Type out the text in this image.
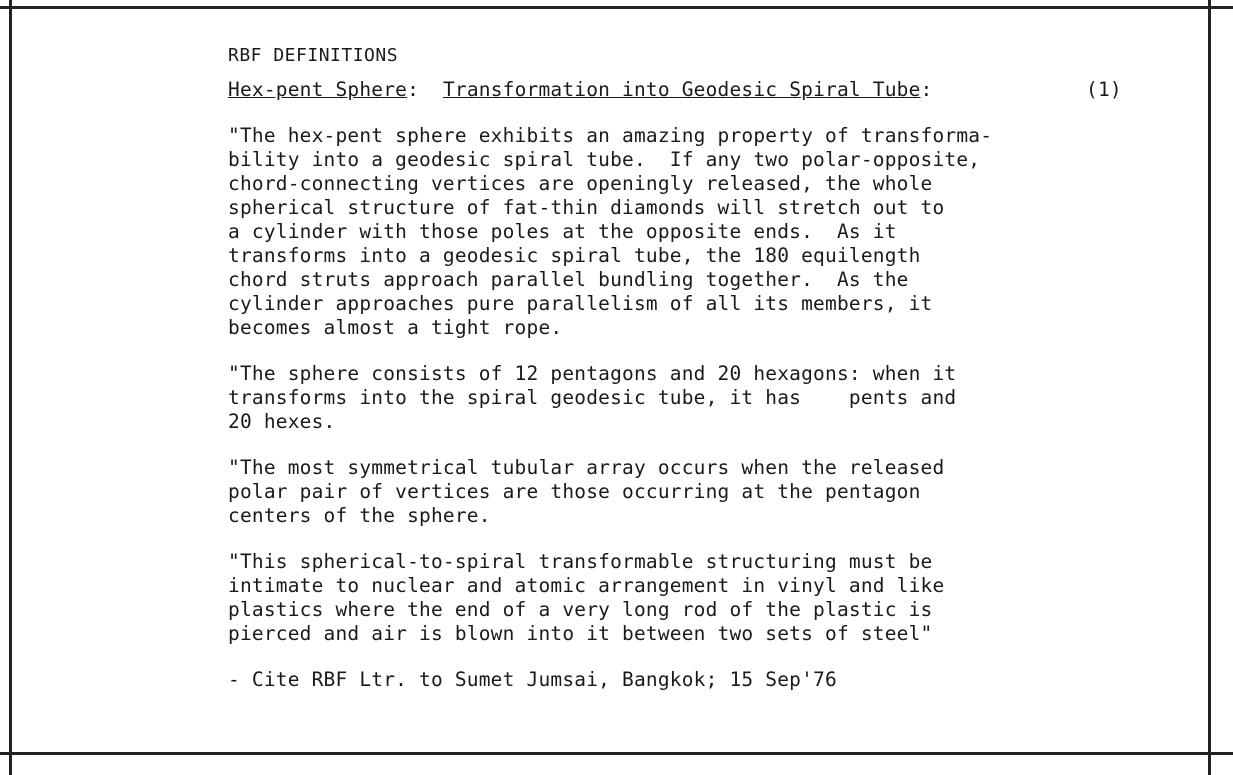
RBF DEFINITIONS
Hex-pent Sphere:  Transformation into Geodesic Spiral Tube:	(1)

"The hex-pent sphere exhibits an amazing property of transforma-
bility into a geodesic spiral tube.  If any two polar-opposite,
chord-connecting vertices are openingly released, the whole
spherical structure of fat-thin diamonds will stretch out to
a cylinder with those poles at the opposite ends.  As it
transforms into a geodesic spiral tube, the 180 equilength
chord struts approach parallel bundling together.  As the
cylinder approaches pure parallelism of all its members, it
becomes almost a tight rope.

"The sphere consists of 12 pentagons and 20 hexagons: when it
transforms into the spiral geodesic tube, it has    pents and
20 hexes.

"The most symmetrical tubular array occurs when the released
polar pair of vertices are those occurring at the pentagon
centers of the sphere.

"This spherical-to-spiral transformable structuring must be
intimate to nuclear and atomic arrangement in vinyl and like
plastics where the end of a very long rod of the plastic is
pierced and air is blown into it between two sets of steel"

- Cite RBF Ltr. to Sumet Jumsai, Bangkok; 15 Sep'76
